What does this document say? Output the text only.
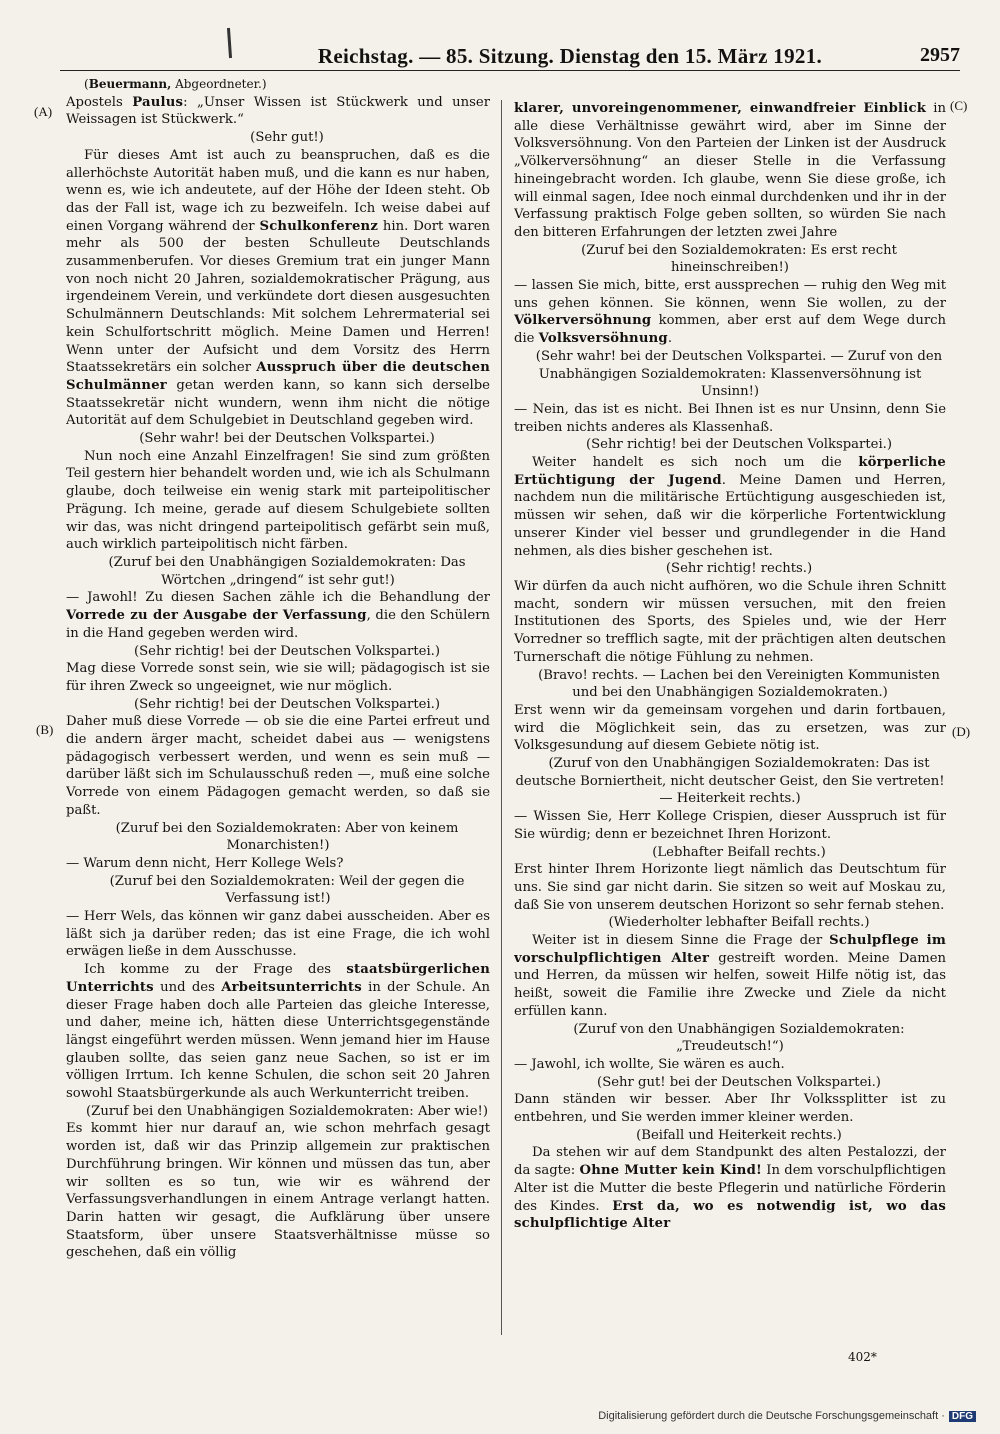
Reichstag. — 85. Sitzung. Dienstag den 15. März 1921.	2957
(A)
(B)
(C)
(D)

(Beuermann, Abgeordneter.)

Apostels Paulus: „Unser Wissen ist Stückwerk und unser Weissagen ist Stückwerk.“

(Sehr gut!)

Für dieses Amt ist auch zu beanspruchen, daß es die allerhöchste Autorität haben muß, und die kann es nur haben, wenn es, wie ich andeutete, auf der Höhe der Ideen steht. Ob das der Fall ist, wage ich zu bezweifeln. Ich weise dabei auf einen Vorgang während der Schulkonferenz hin. Dort waren mehr als 500 der besten Schulleute Deutschlands zusammenberufen. Vor dieses Gremium trat ein junger Mann von noch nicht 20 Jahren, sozialdemokratischer Prägung, aus irgendeinem Verein, und verkündete dort diesen ausgesuchten Schulmännern Deutschlands: Mit solchem Lehrermaterial sei kein Schulfortschritt möglich. Meine Damen und Herren! Wenn unter der Aufsicht und dem Vorsitz des Herrn Staatssekretärs ein solcher Ausspruch über die deutschen Schulmänner getan werden kann, so kann sich derselbe Staatssekretär nicht wundern, wenn ihm nicht die nötige Autorität auf dem Schulgebiet in Deutschland gegeben wird.

(Sehr wahr! bei der Deutschen Volkspartei.)

Nun noch eine Anzahl Einzelfragen! Sie sind zum größten Teil gestern hier behandelt worden und, wie ich als Schulmann glaube, doch teilweise ein wenig stark mit parteipolitischer Prägung. Ich meine, gerade auf diesem Schulgebiete sollten wir das, was nicht dringend parteipolitisch gefärbt sein muß, auch wirklich parteipolitisch nicht färben.

(Zuruf bei den Unabhängigen Sozialdemokraten: Das Wörtchen „dringend“ ist sehr gut!)

— Jawohl! Zu diesen Sachen zähle ich die Behandlung der Vorrede zu der Ausgabe der Verfassung, die den Schülern in die Hand gegeben werden wird.

(Sehr richtig! bei der Deutschen Volkspartei.)

Mag diese Vorrede sonst sein, wie sie will; pädagogisch ist sie für ihren Zweck so ungeeignet, wie nur möglich.

(Sehr richtig! bei der Deutschen Volkspartei.)

Daher muß diese Vorrede — ob sie die eine Partei erfreut und die andern ärger macht, scheidet dabei aus — wenigstens pädagogisch verbessert werden, und wenn es sein muß — darüber läßt sich im Schulausschuß reden —, muß eine solche Vorrede von einem Pädagogen gemacht werden, so daß sie paßt.

(Zuruf bei den Sozialdemokraten: Aber von keinem Monarchisten!)

— Warum denn nicht, Herr Kollege Wels?

(Zuruf bei den Sozialdemokraten: Weil der gegen die Verfassung ist!)

— Herr Wels, das können wir ganz dabei ausscheiden. Aber es läßt sich ja darüber reden; das ist eine Frage, die ich wohl erwägen ließe in dem Ausschusse.

Ich komme zu der Frage des staatsbürgerlichen Unterrichts und des Arbeitsunterrichts in der Schule. An dieser Frage haben doch alle Parteien das gleiche Interesse, und daher, meine ich, hätten diese Unterrichtsgegenstände längst eingeführt werden müssen. Wenn jemand hier im Hause glauben sollte, das seien ganz neue Sachen, so ist er im völligen Irrtum. Ich kenne Schulen, die schon seit 20 Jahren sowohl Staatsbürgerkunde als auch Werkunterricht treiben.

(Zuruf bei den Unabhängigen Sozialdemokraten: Aber wie!)

Es kommt hier nur darauf an, wie schon mehrfach gesagt worden ist, daß wir das Prinzip allgemein zur praktischen Durchführung bringen. Wir können und müssen das tun, aber wir sollten es so tun, wie wir es während der Verfassungsverhandlungen in einem Antrage verlangt hatten. Darin hatten wir gesagt, die Aufklärung über unsere Staatsform, über unsere Staatsverhältnisse müsse so geschehen, daß ein völlig

klarer, unvoreingenommener, einwandfreier Einblick in alle diese Verhältnisse gewährt wird, aber im Sinne der Volksversöhnung. Von den Parteien der Linken ist der Ausdruck „Völkerversöhnung“ an dieser Stelle in die Verfassung hineingebracht worden. Ich glaube, wenn Sie diese große, ich will einmal sagen, Idee noch einmal durchdenken und ihr in der Verfassung praktisch Folge geben sollten, so würden Sie nach den bitteren Erfahrungen der letzten zwei Jahre

(Zuruf bei den Sozialdemokraten: Es erst recht hineinschreiben!)

— lassen Sie mich, bitte, erst aussprechen — ruhig den Weg mit uns gehen können. Sie können, wenn Sie wollen, zu der Völkerversöhnung kommen, aber erst auf dem Wege durch die Volksversöhnung.

(Sehr wahr! bei der Deutschen Volkspartei. — Zuruf von den Unabhängigen Sozialdemokraten: Klassenversöhnung ist Unsinn!)

— Nein, das ist es nicht. Bei Ihnen ist es nur Unsinn, denn Sie treiben nichts anderes als Klassenhaß.

(Sehr richtig! bei der Deutschen Volkspartei.)

Weiter handelt es sich noch um die körperliche Ertüchtigung der Jugend. Meine Damen und Herren, nachdem nun die militärische Ertüchtigung ausgeschieden ist, müssen wir sehen, daß wir die körperliche Fortentwicklung unserer Kinder viel besser und grundlegender in die Hand nehmen, als dies bisher geschehen ist.

(Sehr richtig! rechts.)

Wir dürfen da auch nicht aufhören, wo die Schule ihren Schnitt macht, sondern wir müssen versuchen, mit den freien Institutionen des Sports, des Spieles und, wie der Herr Vorredner so trefflich sagte, mit der prächtigen alten deutschen Turnerschaft die nötige Fühlung zu nehmen.

(Bravo! rechts. — Lachen bei den Vereinigten Kommunisten und bei den Unabhängigen Sozialdemokraten.)

Erst wenn wir da gemeinsam vorgehen und darin fortbauen, wird die Möglichkeit sein, das zu ersetzen, was zur Volksgesundung auf diesem Gebiete nötig ist.

(Zuruf von den Unabhängigen Sozialdemokraten: Das ist deutsche Borniertheit, nicht deutscher Geist, den Sie vertreten! — Heiterkeit rechts.)

— Wissen Sie, Herr Kollege Crispien, dieser Ausspruch ist für Sie würdig; denn er bezeichnet Ihren Horizont.

(Lebhafter Beifall rechts.)

Erst hinter Ihrem Horizonte liegt nämlich das Deutschtum für uns. Sie sind gar nicht darin. Sie sitzen so weit auf Moskau zu, daß Sie von unserem deutschen Horizont so sehr fernab stehen.

(Wiederholter lebhafter Beifall rechts.)

Weiter ist in diesem Sinne die Frage der Schulpflege im vorschulpflichtigen Alter gestreift worden. Meine Damen und Herren, da müssen wir helfen, soweit Hilfe nötig ist, das heißt, soweit die Familie ihre Zwecke und Ziele da nicht erfüllen kann.

(Zuruf von den Unabhängigen Sozialdemokraten: „Treudeutsch!“)

— Jawohl, ich wollte, Sie wären es auch.

(Sehr gut! bei der Deutschen Volkspartei.)

Dann ständen wir besser. Aber Ihr Volkssplitter ist zu entbehren, und Sie werden immer kleiner werden.

(Beifall und Heiterkeit rechts.)

Da stehen wir auf dem Standpunkt des alten Pestalozzi, der da sagte: Ohne Mutter kein Kind! In dem vorschulpflichtigen Alter ist die Mutter die beste Pflegerin und natürliche Förderin des Kindes. Erst da, wo es notwendig ist, wo das schulpflichtige Alter

402*
Digitalisierung gefördert durch die Deutsche Forschungsgemeinschaft · DFG
